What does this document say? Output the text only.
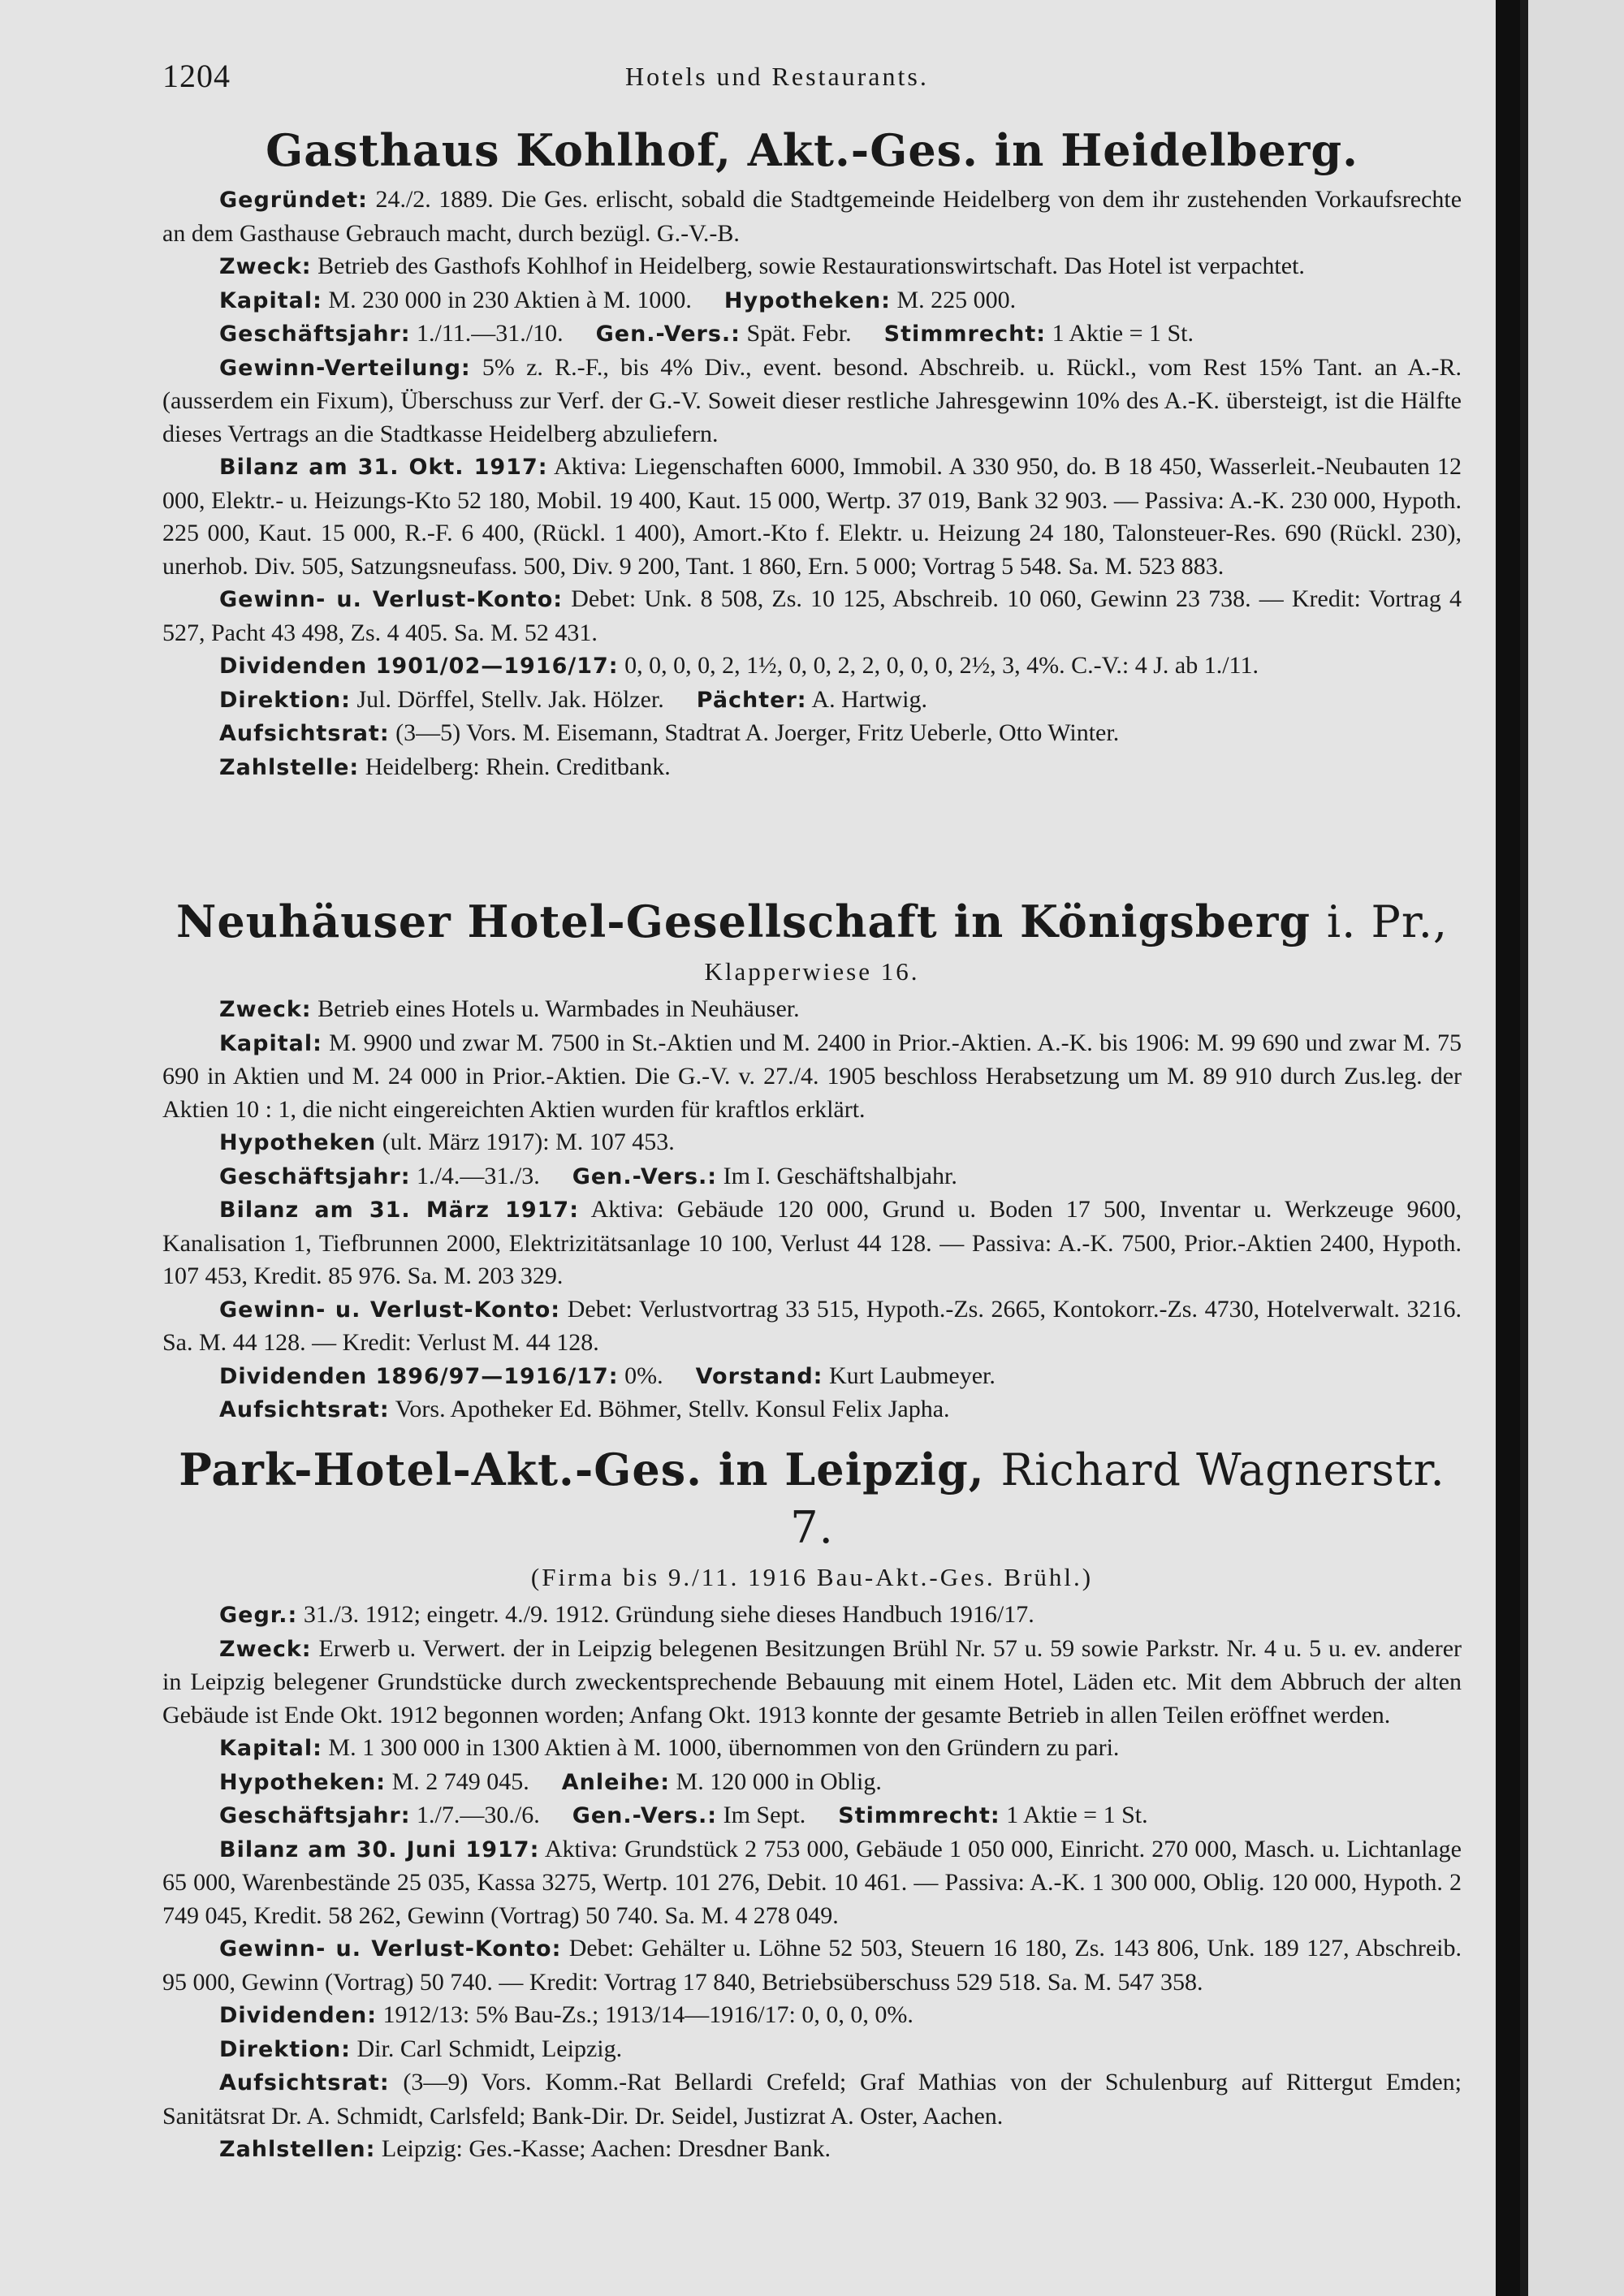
1204	Hotels und Restaurants.
Gasthaus Kohlhof, Akt.-Ges. in Heidelberg.

Gegründet: 24./2. 1889. Die Ges. erlischt, sobald die Stadtgemeinde Heidelberg von dem ihr zustehenden Vorkaufsrechte an dem Gasthause Gebrauch macht, durch bezügl. G.-V.-B.

Zweck: Betrieb des Gasthofs Kohlhof in Heidelberg, sowie Restaurationswirtschaft. Das Hotel ist verpachtet.

Kapital: M. 230 000 in 230 Aktien à M. 1000. Hypotheken: M. 225 000.

Geschäftsjahr: 1./11.—31./10. Gen.-Vers.: Spät. Febr. Stimmrecht: 1 Aktie = 1 St.

Gewinn-Verteilung: 5% z. R.-F., bis 4% Div., event. besond. Abschreib. u. Rückl., vom Rest 15% Tant. an A.-R. (ausserdem ein Fixum), Überschuss zur Verf. der G.-V. Soweit dieser restliche Jahresgewinn 10% des A.-K. übersteigt, ist die Hälfte dieses Vertrags an die Stadtkasse Heidelberg abzuliefern.

Bilanz am 31. Okt. 1917: Aktiva: Liegenschaften 6000, Immobil. A 330 950, do. B 18 450, Wasserleit.-Neubauten 12 000, Elektr.- u. Heizungs-Kto 52 180, Mobil. 19 400, Kaut. 15 000, Wertp. 37 019, Bank 32 903. — Passiva: A.-K. 230 000, Hypoth. 225 000, Kaut. 15 000, R.-F. 6 400, (Rückl. 1 400), Amort.-Kto f. Elektr. u. Heizung 24 180, Talonsteuer-Res. 690 (Rückl. 230), unerhob. Div. 505, Satzungsneufass. 500, Div. 9 200, Tant. 1 860, Ern. 5 000; Vortrag 5 548. Sa. M. 523 883.

Gewinn- u. Verlust-Konto: Debet: Unk. 8 508, Zs. 10 125, Abschreib. 10 060, Gewinn 23 738. — Kredit: Vortrag 4 527, Pacht 43 498, Zs. 4 405. Sa. M. 52 431.

Dividenden 1901/02—1916/17: 0, 0, 0, 0, 2, 1½, 0, 0, 2, 2, 0, 0, 0, 2½, 3, 4%. C.-V.: 4 J. ab 1./11.

Direktion: Jul. Dörffel, Stellv. Jak. Hölzer. Pächter: A. Hartwig.

Aufsichtsrat: (3—5) Vors. M. Eisemann, Stadtrat A. Joerger, Fritz Ueberle, Otto Winter.

Zahlstelle: Heidelberg: Rhein. Creditbank.

Neuhäuser Hotel-Gesellschaft in Königsberg i. Pr.,
Klapperwiese 16.

Zweck: Betrieb eines Hotels u. Warmbades in Neuhäuser.

Kapital: M. 9900 und zwar M. 7500 in St.-Aktien und M. 2400 in Prior.-Aktien. A.-K. bis 1906: M. 99 690 und zwar M. 75 690 in Aktien und M. 24 000 in Prior.-Aktien. Die G.-V. v. 27./4. 1905 beschloss Herabsetzung um M. 89 910 durch Zus.leg. der Aktien 10 : 1, die nicht eingereichten Aktien wurden für kraftlos erklärt.

Hypotheken (ult. März 1917): M. 107 453.

Geschäftsjahr: 1./4.—31./3. Gen.-Vers.: Im I. Geschäftshalbjahr.

Bilanz am 31. März 1917: Aktiva: Gebäude 120 000, Grund u. Boden 17 500, Inventar u. Werkzeuge 9600, Kanalisation 1, Tiefbrunnen 2000, Elektrizitätsanlage 10 100, Verlust 44 128. — Passiva: A.-K. 7500, Prior.-Aktien 2400, Hypoth. 107 453, Kredit. 85 976. Sa. M. 203 329.

Gewinn- u. Verlust-Konto: Debet: Verlustvortrag 33 515, Hypoth.-Zs. 2665, Kontokorr.-Zs. 4730, Hotelverwalt. 3216. Sa. M. 44 128. — Kredit: Verlust M. 44 128.

Dividenden 1896/97—1916/17: 0%. Vorstand: Kurt Laubmeyer.

Aufsichtsrat: Vors. Apotheker Ed. Böhmer, Stellv. Konsul Felix Japha.

Park-Hotel-Akt.-Ges. in Leipzig, Richard Wagnerstr. 7.
(Firma bis 9./11. 1916 Bau-Akt.-Ges. Brühl.)

Gegr.: 31./3. 1912; eingetr. 4./9. 1912. Gründung siehe dieses Handbuch 1916/17.

Zweck: Erwerb u. Verwert. der in Leipzig belegenen Besitzungen Brühl Nr. 57 u. 59 sowie Parkstr. Nr. 4 u. 5 u. ev. anderer in Leipzig belegener Grundstücke durch zweckentsprechende Bebauung mit einem Hotel, Läden etc. Mit dem Abbruch der alten Gebäude ist Ende Okt. 1912 begonnen worden; Anfang Okt. 1913 konnte der gesamte Betrieb in allen Teilen eröffnet werden.

Kapital: M. 1 300 000 in 1300 Aktien à M. 1000, übernommen von den Gründern zu pari.

Hypotheken: M. 2 749 045. Anleihe: M. 120 000 in Oblig.

Geschäftsjahr: 1./7.—30./6. Gen.-Vers.: Im Sept. Stimmrecht: 1 Aktie = 1 St.

Bilanz am 30. Juni 1917: Aktiva: Grundstück 2 753 000, Gebäude 1 050 000, Einricht. 270 000, Masch. u. Lichtanlage 65 000, Warenbestände 25 035, Kassa 3275, Wertp. 101 276, Debit. 10 461. — Passiva: A.-K. 1 300 000, Oblig. 120 000, Hypoth. 2 749 045, Kredit. 58 262, Gewinn (Vortrag) 50 740. Sa. M. 4 278 049.

Gewinn- u. Verlust-Konto: Debet: Gehälter u. Löhne 52 503, Steuern 16 180, Zs. 143 806, Unk. 189 127, Abschreib. 95 000, Gewinn (Vortrag) 50 740. — Kredit: Vortrag 17 840, Betriebsüberschuss 529 518. Sa. M. 547 358.

Dividenden: 1912/13: 5% Bau-Zs.; 1913/14—1916/17: 0, 0, 0, 0%.

Direktion: Dir. Carl Schmidt, Leipzig.

Aufsichtsrat: (3—9) Vors. Komm.-Rat Bellardi Crefeld; Graf Mathias von der Schulenburg auf Rittergut Emden; Sanitätsrat Dr. A. Schmidt, Carlsfeld; Bank-Dir. Dr. Seidel, Justizrat A. Oster, Aachen.

Zahlstellen: Leipzig: Ges.-Kasse; Aachen: Dresdner Bank.
